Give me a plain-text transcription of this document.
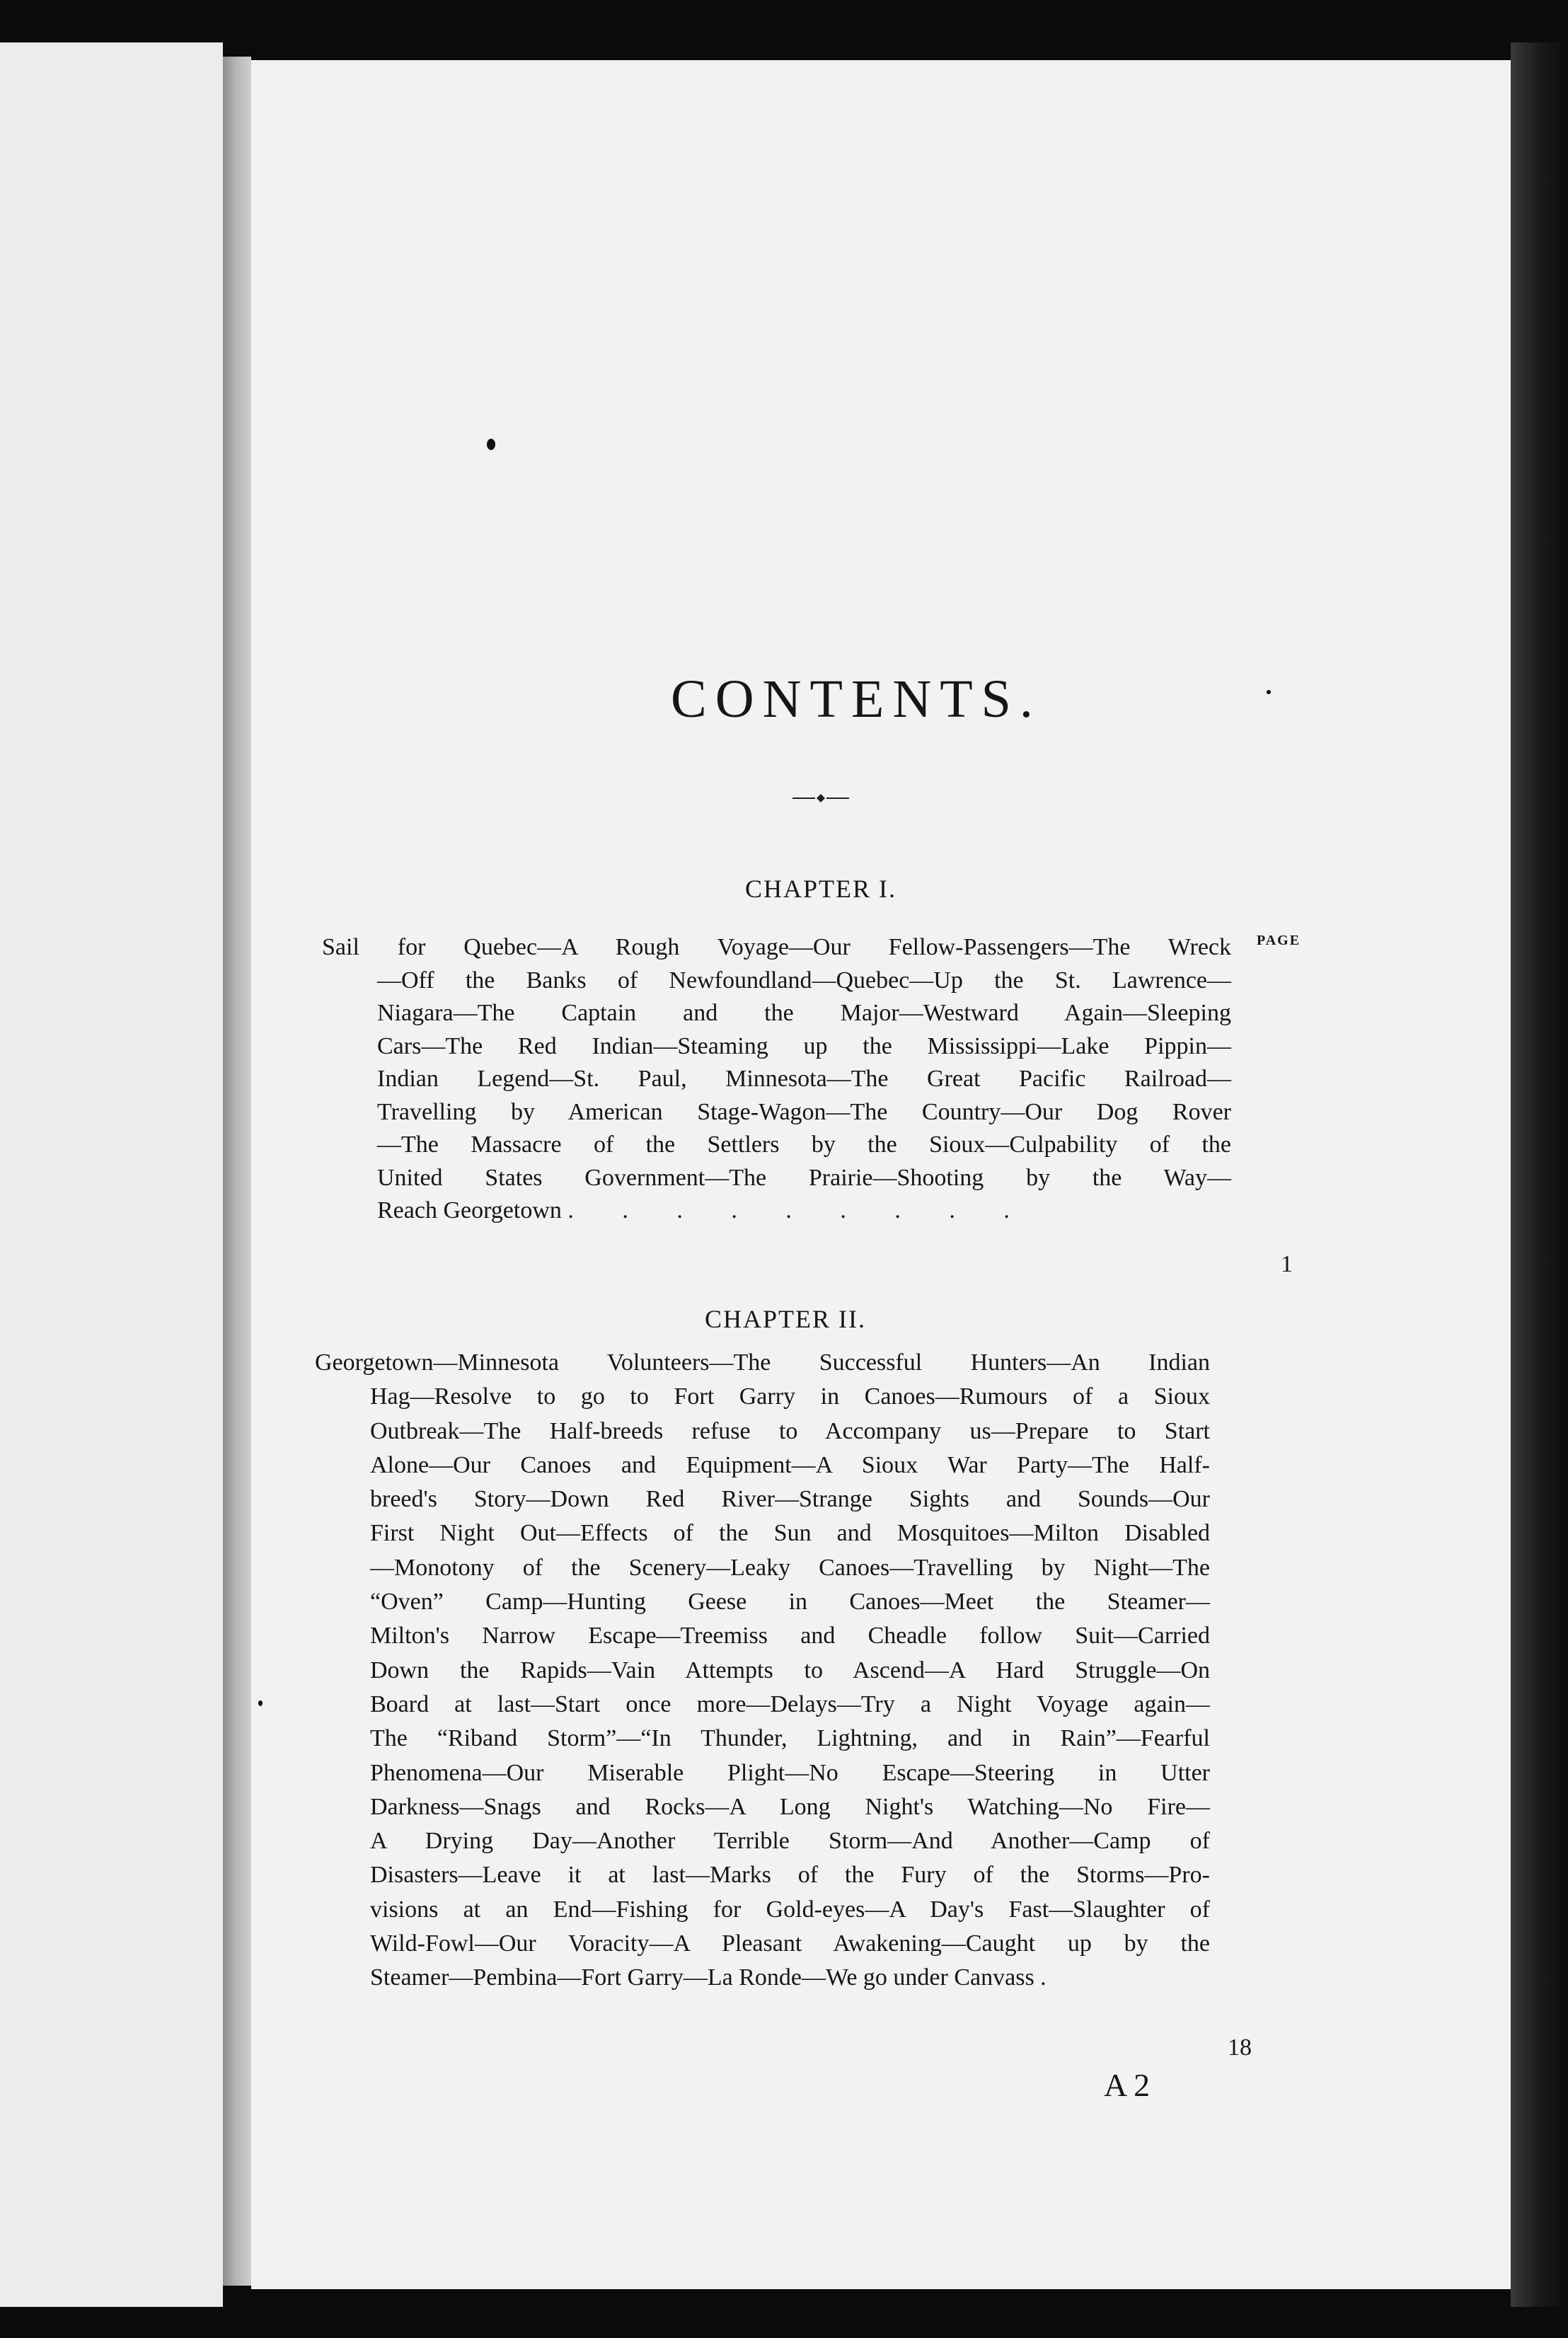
CONTENTS.
CHAPTER I.
PAGE
Sail for Quebec—A Rough Voyage—Our Fellow-Passengers—The Wreck
—Off the Banks of Newfoundland—Quebec—Up the St. Lawrence—
Niagara—The Captain and the Major—Westward Again—Sleeping
Cars—The Red Indian—Steaming up the Mississippi—Lake Pippin—
Indian Legend—St. Paul, Minnesota—The Great Pacific Railroad—
Travelling by American Stage-Wagon—The Country—Our Dog Rover
—The Massacre of the Settlers by the Sioux—Culpability of the
United States Government—The Prairie—Shooting by the Way—
Reach Georgetown . . . . . . . . .
1
CHAPTER II.
Georgetown—Minnesota Volunteers—The Successful Hunters—An Indian
Hag—Resolve to go to Fort Garry in Canoes—Rumours of a Sioux
Outbreak—The Half-breeds refuse to Accompany us—Prepare to Start
Alone—Our Canoes and Equipment—A Sioux War Party—The Half-
breed's Story—Down Red River—Strange Sights and Sounds—Our
First Night Out—Effects of the Sun and Mosquitoes—Milton Disabled
—Monotony of the Scenery—Leaky Canoes—Travelling by Night—The
“Oven” Camp—Hunting Geese in Canoes—Meet the Steamer—
Milton's Narrow Escape—Treemiss and Cheadle follow Suit—Carried
Down the Rapids—Vain Attempts to Ascend—A Hard Struggle—On
Board at last—Start once more—Delays—Try a Night Voyage again—
The “Riband Storm”—“In Thunder, Lightning, and in Rain”—Fearful
Phenomena—Our Miserable Plight—No Escape—Steering in Utter
Darkness—Snags and Rocks—A Long Night's Watching—No Fire—
A Drying Day—Another Terrible Storm—And Another—Camp of
Disasters—Leave it at last—Marks of the Fury of the Storms—Pro-
visions at an End—Fishing for Gold-eyes—A Day's Fast—Slaughter of
Wild-Fowl—Our Voracity—A Pleasant Awakening—Caught up by the
Steamer—Pembina—Fort Garry—La Ronde—We go under Canvass .
18
A 2
